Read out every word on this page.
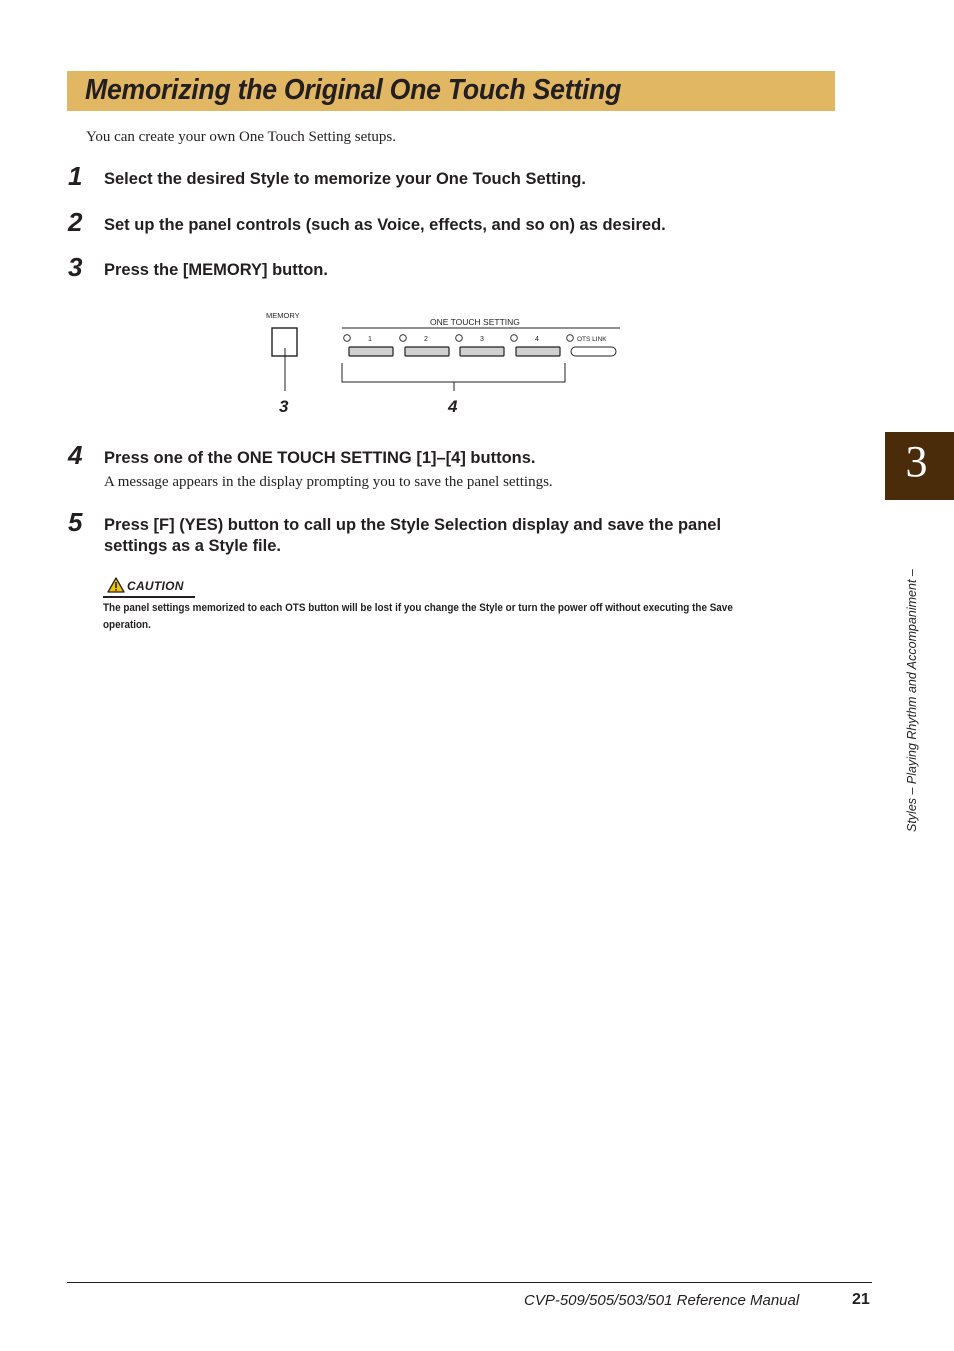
Memorizing the Original One Touch Setting
You can create your own One Touch Setting setups.
1 Select the desired Style to memorize your One Touch Setting.
2 Set up the panel controls (such as Voice, effects, and so on) as desired.
3 Press the [MEMORY] button.
MEMORY
ONE TOUCH SETTING
1	2	3	4	OTS LINK
3	4
4 Press one of the ONE TOUCH SETTING [1]–[4] buttons.
A message appears in the display prompting you to save the panel settings.
5 Press [F] (YES) button to call up the Style Selection display and save the panel
settings as a Style file.
CAUTION
The panel settings memorized to each OTS button will be lost if you change the Style or turn the power off without executing the Save operation.
3
Styles – Playing Rhythm and Accompaniment –
CVP-509/505/503/501 Reference Manual	21
